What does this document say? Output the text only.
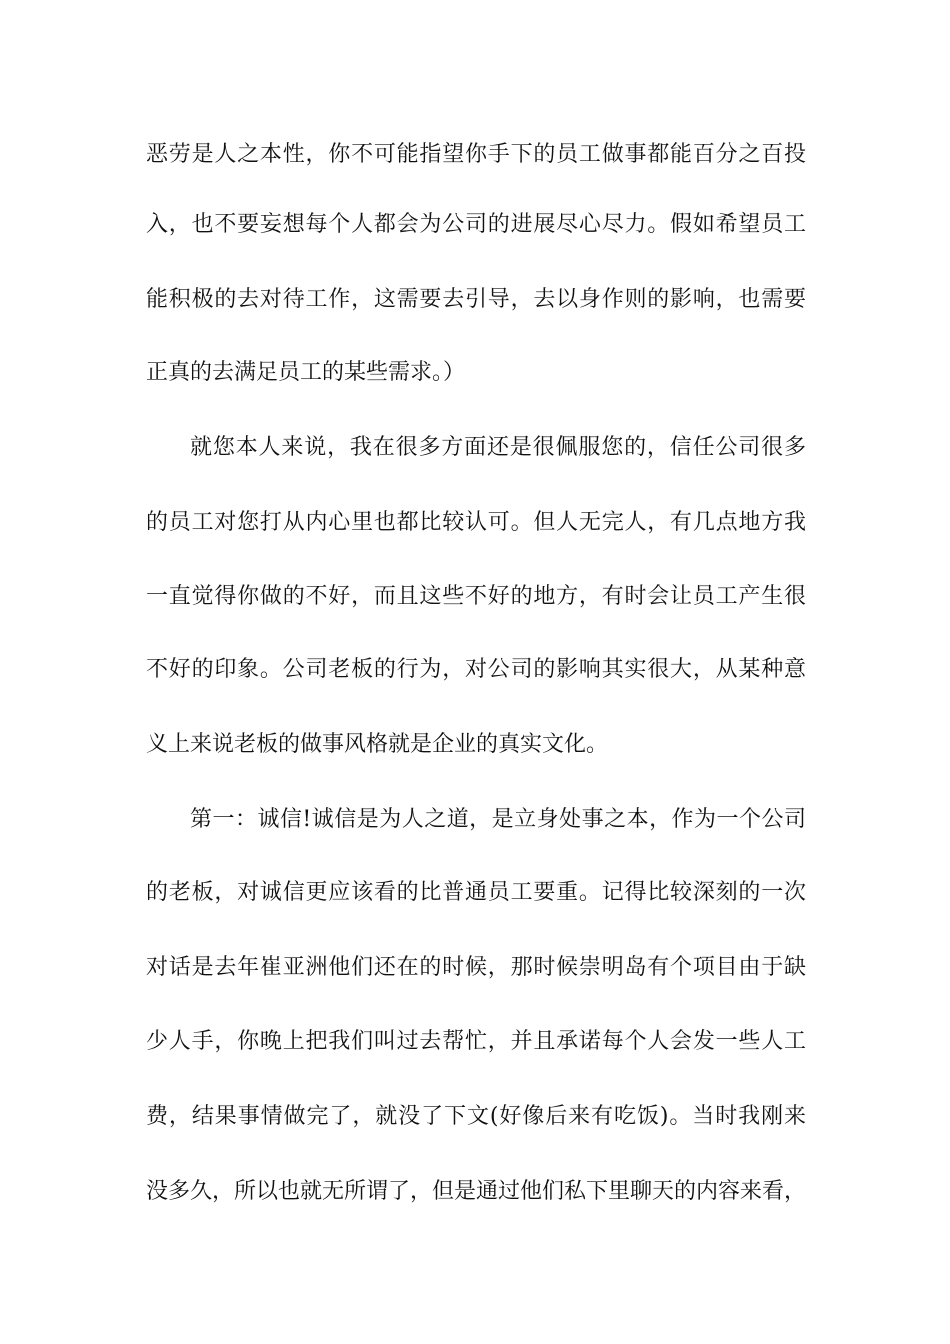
恶劳是人之本性，你不可能指望你手下的员工做事都能百分之百投
入，也不要妄想每个人都会为公司的进展尽心尽力。假如希望员工
能积极的去对待工作，这需要去引导，去以身作则的影响，也需要
正真的去满足员工的某些需求。）
就您本人来说，我在很多方面还是很佩服您的，信任公司很多
的员工对您打从内心里也都比较认可。但人无完人，有几点地方我
一直觉得你做的不好，而且这些不好的地方，有时会让员工产生很
不好的印象。公司老板的行为，对公司的影响其实很大，从某种意
义上来说老板的做事风格就是企业的真实文化。
第一：诚信!诚信是为人之道，是立身处事之本，作为一个公司
的老板，对诚信更应该看的比普通员工要重。记得比较深刻的一次
对话是去年崔亚洲他们还在的时候，那时候崇明岛有个项目由于缺
少人手，你晚上把我们叫过去帮忙，并且承诺每个人会发一些人工
费，结果事情做完了，就没了下文(好像后来有吃饭)。当时我刚来
没多久，所以也就无所谓了，但是通过他们私下里聊天的内容来看，
